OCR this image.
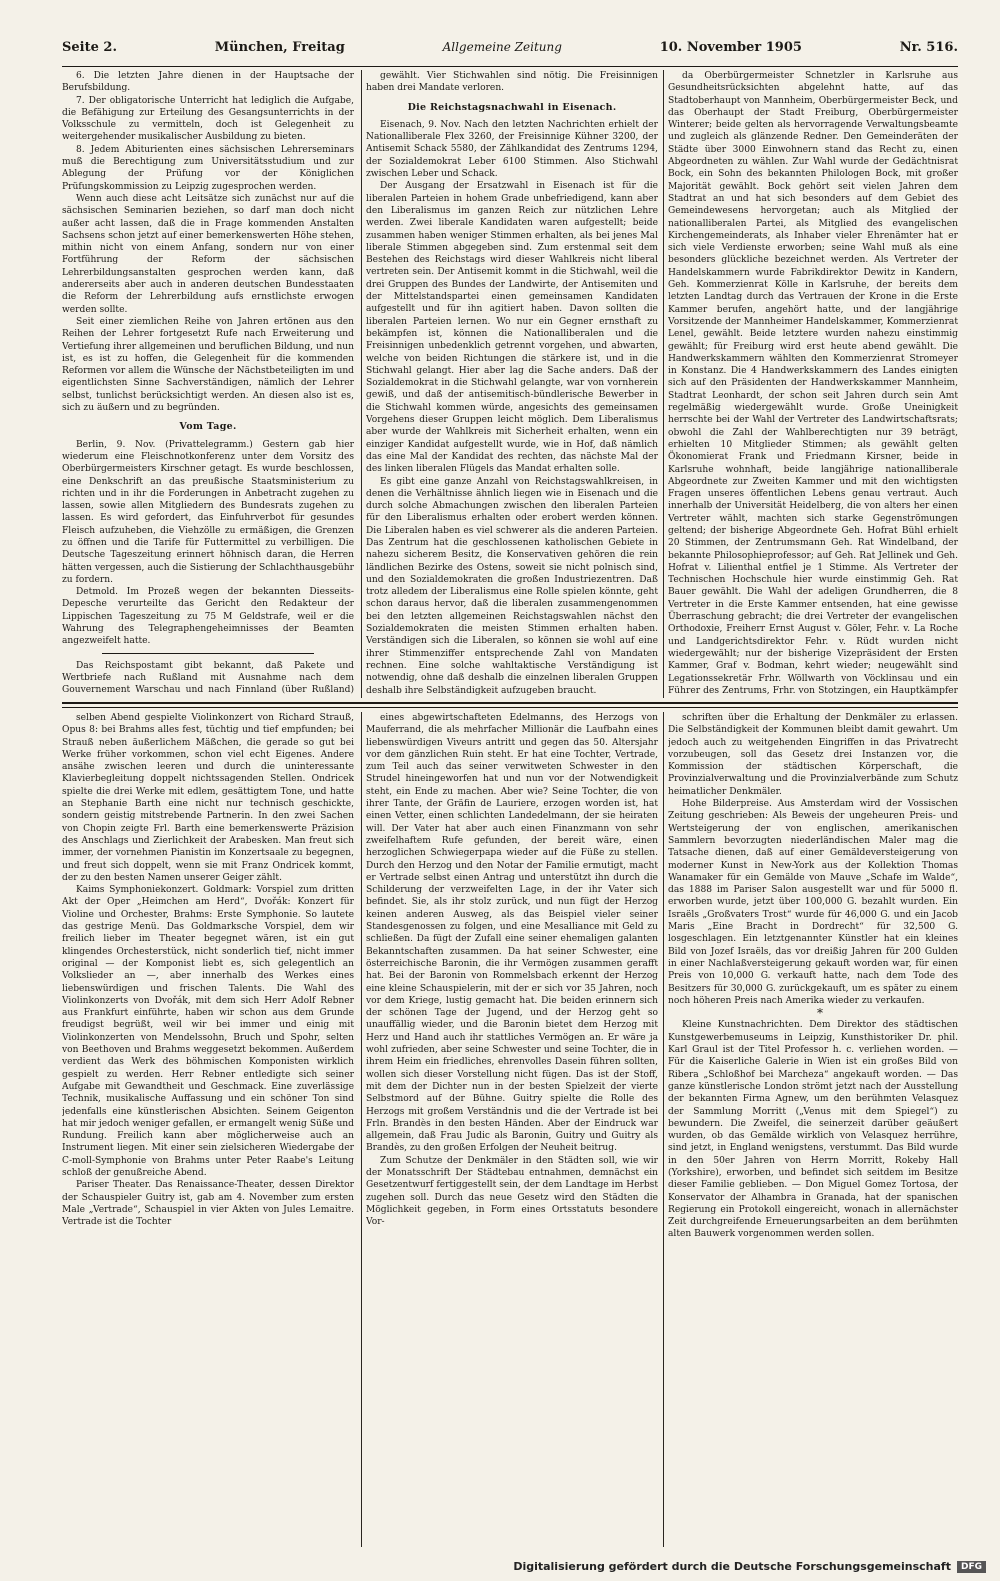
Seite 2.	München, Freitag	Allgemeine Zeitung	10. November 1905	Nr. 516.

6. Die letzten Jahre dienen in der Hauptsache der Berufsbildung.

7. Der obligatorische Unterricht hat lediglich die Aufgabe, die Befähigung zur Erteilung des Gesangsunterrichts in der Volksschule zu vermitteln, doch ist Gelegenheit zu weitergehender musikalischer Ausbildung zu bieten.

8. Jedem Abiturienten eines sächsischen Lehrerseminars muß die Berechtigung zum Universitätsstudium und zur Ablegung der Prüfung vor der Königlichen Prüfungskommission zu Leipzig zugesprochen werden.

Wenn auch diese acht Leitsätze sich zunächst nur auf die sächsischen Seminarien beziehen, so darf man doch nicht außer acht lassen, daß die in Frage kommenden Anstalten Sachsens schon jetzt auf einer bemerkenswerten Höhe stehen, mithin nicht von einem Anfang, sondern nur von einer Fortführung der Reform der sächsischen Lehrerbildungsanstalten gesprochen werden kann, daß andererseits aber auch in anderen deutschen Bundesstaaten die Reform der Lehrerbildung aufs ernstlichste erwogen werden sollte.

Seit einer ziemlichen Reihe von Jahren ertönen aus den Reihen der Lehrer fortgesetzt Rufe nach Erweiterung und Vertiefung ihrer allgemeinen und beruflichen Bildung, und nun ist, es ist zu hoffen, die Gelegenheit für die kommenden Reformen vor allem die Wünsche der Nächstbeteiligten im und eigentlichsten Sinne Sachverständigen, nämlich der Lehrer selbst, tunlichst berücksichtigt werden. An diesen also ist es, sich zu äußern und zu begründen.

Vom Tage.

Berlin, 9. Nov. (Privattelegramm.) Gestern gab hier wiederum eine Fleischnotkonferenz unter dem Vorsitz des Oberbürgermeisters Kirschner getagt. Es wurde beschlossen, eine Denkschrift an das preußische Staatsministerium zu richten und in ihr die Forderungen in Anbetracht zugehen zu lassen, sowie allen Mitgliedern des Bundesrats zugehen zu lassen. Es wird gefordert, das Einfuhrverbot für gesundes Fleisch aufzuheben, die Viehzölle zu ermäßigen, die Grenzen zu öffnen und die Tarife für Futtermittel zu verbilligen. Die Deutsche Tageszeitung erinnert höhnisch daran, die Herren hätten vergessen, auch die Sistierung der Schlachthausgebühr zu fordern.

Detmold. Im Prozeß wegen der bekannten Diesseits-Depesche verurteilte das Gericht den Redakteur der Lippischen Tageszeitung zu 75 M Geldstrafe, weil er die Wahrung des Telegraphengeheimnisses der Beamten angezweifelt hatte.

Das Reichspostamt gibt bekannt, daß Pakete und Wertbriefe nach Rußland mit Ausnahme nach dem Gouvernement Warschau und nach Finnland (über Rußland)

gewählt. Vier Stichwahlen sind nötig. Die Freisinnigen haben drei Mandate verloren.

Die Reichstagsnachwahl in Eisenach.

Eisenach, 9. Nov. Nach den letzten Nachrichten erhielt der Nationalliberale Flex 3260, der Freisinnige Kühner 3200, der Antisemit Schack 5580, der Zählkandidat des Zentrums 1294, der Sozialdemokrat Leber 6100 Stimmen. Also Stichwahl zwischen Leber und Schack.

Der Ausgang der Ersatzwahl in Eisenach ist für die liberalen Parteien in hohem Grade unbefriedigend, kann aber den Liberalismus im ganzen Reich zur nützlichen Lehre werden. Zwei liberale Kandidaten waren aufgestellt; beide zusammen haben weniger Stimmen erhalten, als bei jenes Mal liberale Stimmen abgegeben sind. Zum erstenmal seit dem Bestehen des Reichstags wird dieser Wahlkreis nicht liberal vertreten sein. Der Antisemit kommt in die Stichwahl, weil die drei Gruppen des Bundes der Landwirte, der Antisemiten und der Mittelstandspartei einen gemeinsamen Kandidaten aufgestellt und für ihn agitiert haben. Davon sollten die liberalen Parteien lernen. Wo nur ein Gegner ernsthaft zu bekämpfen ist, können die Nationalliberalen und die Freisinnigen unbedenklich getrennt vorgehen, und abwarten, welche von beiden Richtungen die stärkere ist, und in die Stichwahl gelangt. Hier aber lag die Sache anders. Daß der Sozialdemokrat in die Stichwahl gelangte, war von vornherein gewiß, und daß der antisemitisch-bündlerische Bewerber in die Stichwahl kommen würde, angesichts des gemeinsamen Vorgehens dieser Gruppen leicht möglich. Dem Liberalismus aber wurde der Wahlkreis mit Sicherheit erhalten, wenn ein einziger Kandidat aufgestellt wurde, wie in Hof, daß nämlich das eine Mal der Kandidat des rechten, das nächste Mal der des linken liberalen Flügels das Mandat erhalten solle.

Es gibt eine ganze Anzahl von Reichstagswahlkreisen, in denen die Verhältnisse ähnlich liegen wie in Eisenach und die durch solche Abmachungen zwischen den liberalen Parteien für den Liberalismus erhalten oder erobert werden können. Die Liberalen haben es viel schwerer als die anderen Parteien. Das Zentrum hat die geschlossenen katholischen Gebiete in nahezu sicherem Besitz, die Konservativen gehören die rein ländlichen Bezirke des Ostens, soweit sie nicht polnisch sind, und den Sozialdemokraten die großen Industriezentren. Daß trotz alledem der Liberalismus eine Rolle spielen könnte, geht schon daraus hervor, daß die liberalen zusammengenommen bei den letzten allgemeinen Reichstagswahlen nächst den Sozialdemokraten die meisten Stimmen erhalten haben. Verständigen sich die Liberalen, so können sie wohl auf eine ihrer Stimmenziffer entsprechende Zahl von Mandaten rechnen. Eine solche wahltaktische Verständigung ist notwendig, ohne daß deshalb die einzelnen liberalen Gruppen deshalb ihre Selbständigkeit aufzugeben braucht.

da Oberbürgermeister Schnetzler in Karlsruhe aus Gesundheitsrücksichten abgelehnt hatte, auf das Stadtoberhaupt von Mannheim, Oberbürgermeister Beck, und das Oberhaupt der Stadt Freiburg, Oberbürgermeister Winterer; beide gelten als hervorragende Verwaltungsbeamte und zugleich als glänzende Redner. Den Gemeinderäten der Städte über 3000 Einwohnern stand das Recht zu, einen Abgeordneten zu wählen. Zur Wahl wurde der Gedächtnisrat Bock, ein Sohn des bekannten Philologen Bock, mit großer Majorität gewählt. Bock gehört seit vielen Jahren dem Stadtrat an und hat sich besonders auf dem Gebiet des Gemeindewesens hervorgetan; auch als Mitglied der nationalliberalen Partei, als Mitglied des evangelischen Kirchengemeinderats, als Inhaber vieler Ehrenämter hat er sich viele Verdienste erworben; seine Wahl muß als eine besonders glückliche bezeichnet werden. Als Vertreter der Handelskammern wurde Fabrikdirektor Dewitz in Kandern, Geh. Kommerzienrat Kölle in Karlsruhe, der bereits dem letzten Landtag durch das Vertrauen der Krone in die Erste Kammer berufen, angehört hatte, und der langjährige Vorsitzende der Mannheimer Handelskammer, Kommerzienrat Lenel, gewählt. Beide letztere wurden nahezu einstimmig gewählt; für Freiburg wird erst heute abend gewählt. Die Handwerkskammern wählten den Kommerzienrat Stromeyer in Konstanz. Die 4 Handwerkskammern des Landes einigten sich auf den Präsidenten der Handwerkskammer Mannheim, Stadtrat Leonhardt, der schon seit Jahren durch sein Amt regelmäßig wiedergewählt wurde. Große Uneinigkeit herrschte bei der Wahl der Vertreter des Landwirtschaftsrats; obwohl die Zahl der Wahlberechtigten nur 39 beträgt, erhielten 10 Mitglieder Stimmen; als gewählt gelten Ökonomierat Frank und Friedmann Kirsner, beide in Karlsruhe wohnhaft, beide langjährige nationalliberale Abgeordnete zur Zweiten Kammer und mit den wichtigsten Fragen unseres öffentlichen Lebens genau vertraut. Auch innerhalb der Universität Heidelberg, die von alters her einen Vertreter wählt, machten sich starke Gegenströmungen geltend; der bisherige Abgeordnete Geh. Hofrat Bühl erhielt 20 Stimmen, der Zentrumsmann Geh. Rat Windelband, der bekannte Philosophieprofessor; auf Geh. Rat Jellinek und Geh. Hofrat v. Lilienthal entfiel je 1 Stimme. Als Vertreter der Technischen Hochschule hier wurde einstimmig Geh. Rat Bauer gewählt. Die Wahl der adeligen Grundherren, die 8 Vertreter in die Erste Kammer entsenden, hat eine gewisse Überraschung gebracht; die drei Vertreter der evangelischen Orthodoxie, Freiherr Ernst August v. Göler, Fehr. v. La Roche und Landgerichtsdirektor Fehr. v. Rüdt wurden nicht wiedergewählt; nur der bisherige Vizepräsident der Ersten Kammer, Graf v. Bodman, kehrt wieder; neugewählt sind Legationssekretär Frhr. Wöllwarth von Vöcklinsau und ein Führer des Zentrums, Frhr. von Stotzingen, ein Hauptkämpfer

selben Abend gespielte Violinkonzert von Richard Strauß, Opus 8: bei Brahms alles fest, tüchtig und tief empfunden; bei Strauß neben äußerlichem Mäßchen, die gerade so gut bei Werke früher vorkommen, schon viel echt Eigenes. Andere ansähe zwischen leeren und durch die uninteressante Klavierbegleitung doppelt nichtssagenden Stellen. Ondricek spielte die drei Werke mit edlem, gesättigtem Tone, und hatte an Stephanie Barth eine nicht nur technisch geschickte, sondern geistig mitstrebende Partnerin. In den zwei Sachen von Chopin zeigte Frl. Barth eine bemerkenswerte Präzision des Anschlags und Zierlichkeit der Arabesken. Man freut sich immer, der vornehmen Pianistin im Konzertsaale zu begegnen, und freut sich doppelt, wenn sie mit Franz Ondricek kommt, der zu den besten Namen unserer Geiger zählt.

Kaims Symphoniekonzert. Goldmark: Vorspiel zum dritten Akt der Oper „Heimchen am Herd“, Dvořák: Konzert für Violine und Orchester, Brahms: Erste Symphonie. So lautete das gestrige Menü. Das Goldmarksche Vorspiel, dem wir freilich lieber im Theater begegnet wären, ist ein gut klingendes Orchesterstück, nicht sonderlich tief, nicht immer original — der Komponist liebt es, sich gelegentlich an Volkslieder an —, aber innerhalb des Werkes eines liebenswürdigen und frischen Talents. Die Wahl des Violinkonzerts von Dvořák, mit dem sich Herr Adolf Rebner aus Frankfurt einführte, haben wir schon aus dem Grunde freudigst begrüßt, weil wir bei immer und einig mit Violinkonzerten von Mendelssohn, Bruch und Spohr, selten von Beethoven und Brahms weggesetzt bekommen. Außerdem verdient das Werk des böhmischen Komponisten wirklich gespielt zu werden. Herr Rebner entledigte sich seiner Aufgabe mit Gewandtheit und Geschmack. Eine zuverlässige Technik, musikalische Auffassung und ein schöner Ton sind jedenfalls eine künstlerischen Absichten. Seinem Geigenton hat mir jedoch weniger gefallen, er ermangelt wenig Süße und Rundung. Freilich kann aber möglicherweise auch an Instrument liegen. Mit einer sein zielsicheren Wiedergabe der C-moll-Symphonie von Brahms unter Peter Raabe's Leitung schloß der genußreiche Abend.

Pariser Theater. Das Renaissance-Theater, dessen Direktor der Schauspieler Guitry ist, gab am 4. November zum ersten Male „Vertrade“, Schauspiel in vier Akten von Jules Lemaitre. Vertrade ist die Tochter

eines abgewirtschafteten Edelmanns, des Herzogs von Mauferrand, die als mehrfacher Millionär die Laufbahn eines liebenswürdigen Viveurs antritt und gegen das 50. Altersjahr vor dem gänzlichen Ruin steht. Er hat eine Tochter, Vertrade, zum Teil auch das seiner verwitweten Schwester in den Strudel hineingeworfen hat und nun vor der Notwendigkeit steht, ein Ende zu machen. Aber wie? Seine Tochter, die von ihrer Tante, der Gräfin de Lauriere, erzogen worden ist, hat einen Vetter, einen schlichten Landedelmann, der sie heiraten will. Der Vater hat aber auch einen Finanzmann von sehr zweifelhaftem Rufe gefunden, der bereit wäre, einen herzoglichen Schwiegerpapa wieder auf die Füße zu stellen. Durch den Herzog und den Notar der Familie ermutigt, macht er Vertrade selbst einen Antrag und unterstützt ihn durch die Schilderung der verzweifelten Lage, in der ihr Vater sich befindet. Sie, als ihr stolz zurück, und nun fügt der Herzog keinen anderen Ausweg, als das Beispiel vieler seiner Standesgenossen zu folgen, und eine Mesalliance mit Geld zu schließen. Da fügt der Zufall eine seiner ehemaligen galanten Bekanntschaften zusammen. Da hat seiner Schwester, eine österreichische Baronin, die ihr Vermögen zusammen gerafft hat. Bei der Baronin von Rommelsbach erkennt der Herzog eine kleine Schauspielerin, mit der er sich vor 35 Jahren, noch vor dem Kriege, lustig gemacht hat. Die beiden erinnern sich der schönen Tage der Jugend, und der Herzog geht so unauffällig wieder, und die Baronin bietet dem Herzog mit Herz und Hand auch ihr stattliches Vermögen an. Er wäre ja wohl zufrieden, aber seine Schwester und seine Tochter, die in ihrem Heim ein friedliches, ehrenvolles Dasein führen sollten, wollen sich dieser Vorstellung nicht fügen. Das ist der Stoff, mit dem der Dichter nun in der besten Spielzeit der vierte Selbstmord auf der Bühne. Guitry spielte die Rolle des Herzogs mit großem Verständnis und die der Vertrade ist bei Frln. Brandès in den besten Händen. Aber der Eindruck war allgemein, daß Frau Judic als Baronin, Guitry und Guitry als Brandès, zu den großen Erfolgen der Neuheit beitrug.

Zum Schutze der Denkmäler in den Städten soll, wie wir der Monatsschrift Der Städtebau entnahmen, demnächst ein Gesetzentwurf fertiggestellt sein, der dem Landtage im Herbst zugehen soll. Durch das neue Gesetz wird den Städten die Möglichkeit gegeben, in Form eines Ortsstatuts besondere Vor-

schriften über die Erhaltung der Denkmäler zu erlassen. Die Selbständigkeit der Kommunen bleibt damit gewahrt. Um jedoch auch zu weitgehenden Eingriffen in das Privatrecht vorzubeugen, soll das Gesetz drei Instanzen vor, die Kommission der städtischen Körperschaft, die Provinzialverwaltung und die Provinzialverbände zum Schutz heimatlicher Denkmäler.

Hohe Bilderpreise. Aus Amsterdam wird der Vossischen Zeitung geschrieben: Als Beweis der ungeheuren Preis- und Wertsteigerung der von englischen, amerikanischen Sammlern bevorzugten niederländischen Maler mag die Tatsache dienen, daß auf einer Gemäldeversteigerung von moderner Kunst in New-York aus der Kollektion Thomas Wanamaker für ein Gemälde von Mauve „Schafe im Walde“, das 1888 im Pariser Salon ausgestellt war und für 5000 fl. erworben wurde, jetzt über 100,000 G. bezahlt wurden. Ein Israëls „Großvaters Trost“ wurde für 46,000 G. und ein Jacob Maris „Eine Bracht in Dordrecht“ für 32,500 G. losgeschlagen. Ein letztgenannter Künstler hat ein kleines Bild von Jozef Israëls, das vor dreißig Jahren für 200 Gulden in einer Nachlaßversteigerung gekauft worden war, für einen Preis von 10,000 G. verkauft hatte, nach dem Tode des Besitzers für 30,000 G. zurückgekauft, um es später zu einem noch höheren Preis nach Amerika wieder zu verkaufen.

*

Kleine Kunstnachrichten. Dem Direktor des städtischen Kunstgewerbemuseums in Leipzig, Kunsthistoriker Dr. phil. Karl Graul ist der Titel Professor h. c. verliehen worden. — Für die Kaiserliche Galerie in Wien ist ein großes Bild von Ribera „Schloßhof bei Marcheza“ angekauft worden. — Das ganze künstlerische London strömt jetzt nach der Ausstellung der bekannten Firma Agnew, um den berühmten Velasquez der Sammlung Morritt („Venus mit dem Spiegel“) zu bewundern. Die Zweifel, die seinerzeit darüber geäußert wurden, ob das Gemälde wirklich von Velasquez herrühre, sind jetzt, in England wenigstens, verstummt. Das Bild wurde in den 50er Jahren von Herrn Morritt, Rokeby Hall (Yorkshire), erworben, und befindet sich seitdem im Besitze dieser Familie geblieben. — Don Miguel Gomez Tortosa, der Konservator der Alhambra in Granada, hat der spanischen Regierung ein Protokoll eingereicht, wonach in allernächster Zeit durchgreifende Erneuerungsarbeiten an dem berühmten alten Bauwerk vorgenommen werden sollen.

Digitalisierung gefördert durch die Deutsche Forschungsgemeinschaft	DFG
